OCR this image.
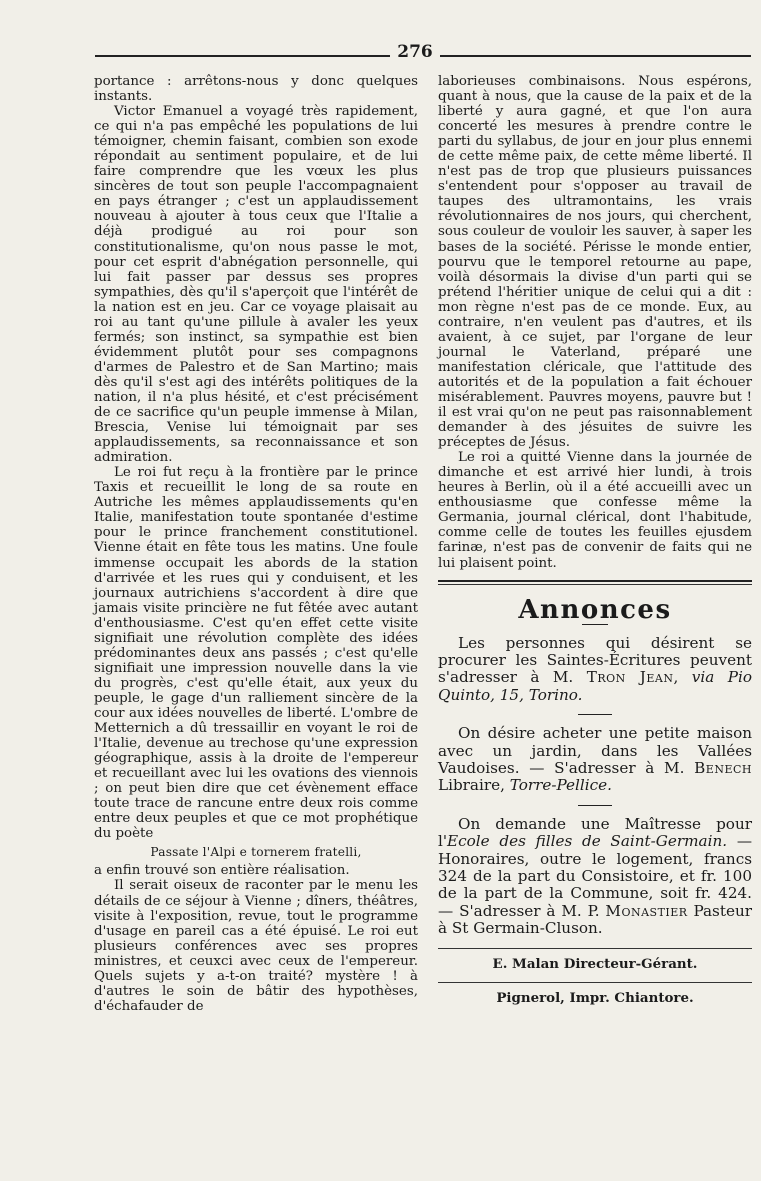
276

portance : arrêtons-nous y donc quelques instants.

Victor Emanuel a voyagé très rapidement, ce qui n'a pas empêché les populations de lui témoigner, chemin faisant, combien son exode répondait au sentiment populaire, et de lui faire comprendre que les vœux les plus sincères de tout son peuple l'accompagnaient en pays étranger ; c'est un applaudissement nouveau à ajouter à tous ceux que l'Italie a déjà prodigué au roi pour son constitutionalisme, qu'on nous passe le mot, pour cet esprit d'abnégation personnelle, qui lui fait passer par dessus ses propres sympathies, dès qu'il s'aperçoit que l'intérêt de la nation est en jeu. Car ce voyage plaisait au roi au tant qu'une pillule à avaler les yeux fermés; son instinct, sa sympathie est bien évidemment plutôt pour ses compagnons d'armes de Palestro et de San Martino; mais dès qu'il s'est agi des intérêts politiques de la nation, il n'a plus hésité, et c'est précisément de ce sacrifice qu'un peuple immense à Milan, Brescia, Venise lui témoignait par ses applaudissements, sa reconnaissance et son admiration.

Le roi fut reçu à la frontière par le prince Taxis et recueillit le long de sa route en Autriche les mêmes applaudissements qu'en Italie, manifestation toute spontanée d'estime pour le prince franchement constitutionel. Vienne était en fête tous les matins. Une foule immense occupait les abords de la station d'arrivée et les rues qui y conduisent, et les journaux autrichiens s'accordent à dire que jamais visite princière ne fut fêtée avec autant d'enthousiasme. C'est qu'en effet cette visite signifiait une révolution complète des idées prédominantes deux ans passés ; c'est qu'elle signifiait une impression nouvelle dans la vie du progrès, c'est qu'elle était, aux yeux du peuple, le gage d'un ralliement sincère de la cour aux idées nouvelles de liberté. L'ombre de Metternich a dû tressaillir en voyant le roi de l'Italie, devenue au trechose qu'une expression géographique, assis à la droite de l'empereur et recueillant avec lui les ovations des viennois ; on peut bien dire que cet évènement efface toute trace de rancune entre deux rois comme entre deux peuples et que ce mot prophétique du poète

Passate l'Alpi e tornerem fratelli,

a enfin trouvé son entière réalisation.

Il serait oiseux de raconter par le menu les détails de ce séjour à Vienne ; dîners, théâtres, visite à l'exposition, revue, tout le programme d'usage en pareil cas a été épuisé. Le roi eut plusieurs conférences avec ses propres ministres, et ceuxci avec ceux de l'empereur. Quels sujets y a-t-on traité? mystère ! à d'autres le soin de bâtir des hypothèses, d'échafauder de

laborieuses combinaisons. Nous espérons, quant à nous, que la cause de la paix et de la liberté y aura gagné, et que l'on aura concerté les mesures à prendre contre le parti du syllabus, de jour en jour plus ennemi de cette même paix, de cette même liberté. Il n'est pas de trop que plusieurs puissances s'entendent pour s'opposer au travail de taupes des ultramontains, les vrais révolutionnaires de nos jours, qui cherchent, sous couleur de vouloir les sauver, à saper les bases de la société. Périsse le monde entier, pourvu que le temporel retourne au pape, voilà désormais la divise d'un parti qui se prétend l'héritier unique de celui qui a dit : mon règne n'est pas de ce monde. Eux, au contraire, n'en veulent pas d'autres, et ils avaient, à ce sujet, par l'organe de leur journal le Vaterland, préparé une manifestation cléricale, que l'attitude des autorités et de la population a fait échouer misérablement. Pauvres moyens, pauvre but ! il est vrai qu'on ne peut pas raisonnablement demander à des jésuites de suivre les préceptes de Jésus.

Le roi a quitté Vienne dans la journée de dimanche et est arrivé hier lundi, à trois heures à Berlin, où il a été accueilli avec un enthousiasme que confesse même la Germania, journal clérical, dont l'habitude, comme celle de toutes les feuilles ejusdem farinæ, n'est pas de convenir de faits qui ne lui plaisent point.

Annonces

Les personnes qui désirent se procurer les Saintes-Écritures peuvent s'adresser à M. Tron Jean, via Pio Quinto, 15, Torino.

On désire acheter une petite maison avec un jardin, dans les Vallées Vaudoises. — S'adresser à M. Benech Libraire, Torre-Pellice.

On demande une Maîtresse pour l'Ecole des filles de Saint-Germain. — Honoraires, outre le logement, francs 324 de la part du Consistoire, et fr. 100 de la part de la Commune, soit fr. 424. — S'adresser à M. P. Monastier Pasteur à St Germain-Cluson.

E. Malan Directeur-Gérant.
Pignerol, Impr. Chiantore.
